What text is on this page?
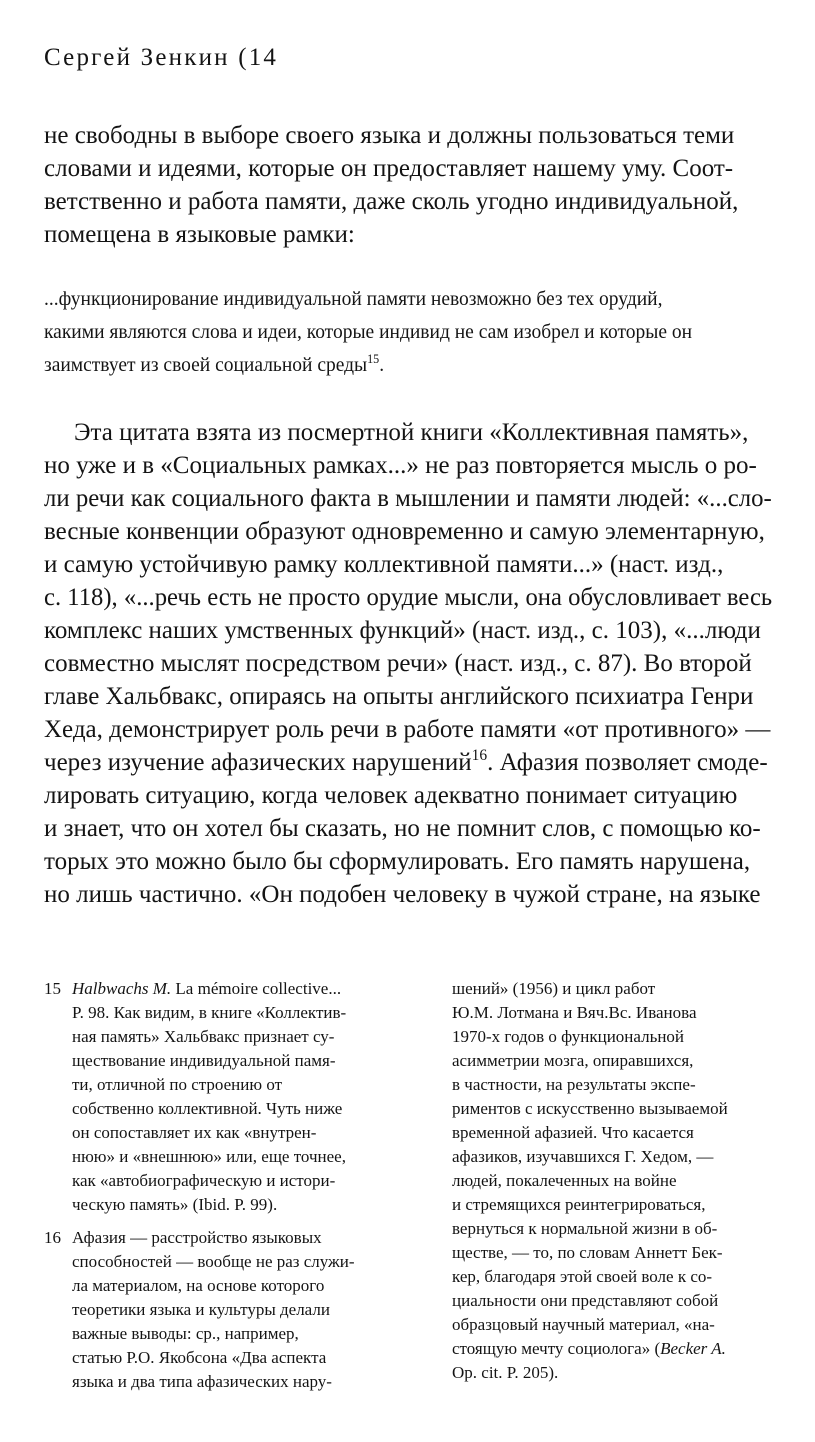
Сергей Зенкин (14
не свободны в выборе своего языка и должны пользоваться теми
словами и идеями, которые он предоставляет нашему уму. Соот-
ветственно и работа памяти, даже сколь угодно индивидуальной,
помещена в языковые рамки:
...функционирование индивидуальной памяти невозможно без тех орудий,
какими являются слова и идеи, которые индивид не сам изобрел и которые он
заимствует из своей социальной среды$^{15}$.
Эта цитата взята из посмертной книги «Коллективная память»,
но уже и в «Социальных рамках...» не раз повторяется мысль о ро-
ли речи как социального факта в мышлении и памяти людей: «...сло-
весные конвенции образуют одновременно и самую элементарную,
и самую устойчивую рамку коллективной памяти...» (наст. изд.,
с. 118), «...речь есть не просто орудие мысли, она обусловливает весь
комплекс наших умственных функций» (наст. изд., с. 103), «...люди
совместно мыслят посредством речи» (наст. изд., с. 87). Во второй
главе Хальбвакс, опираясь на опыты английского психиатра Генри
Хеда, демонстрирует роль речи в работе памяти «от противного» —
через изучение афазических нарушений$^{16}$. Афазия позволяет смоде-
лировать ситуацию, когда человек адекватно понимает ситуацию
и знает, что он хотел бы сказать, но не помнит слов, с помощью ко-
торых это можно было бы сформулировать. Его память нарушена,
но лишь частично. «Он подобен человеку в чужой стране, на языке
15 Halbwachs M. La mémoire collective...
P. 98. Как видим, в книге «Коллектив-
ная память» Хальбвакс признает су-
ществование индивидуальной памя-
ти, отличной по строению от
собственно коллективной. Чуть ниже
он сопоставляет их как «внутрен-
нюю» и «внешнюю» или, еще точнее,
как «автобиографическую и истори-
ческую память» (Ibid. P. 99).
16 Афазия — расстройство языковых
способностей — вообще не раз служи-
ла материалом, на основе которого
теоретики языка и культуры делали
важные выводы: ср., например,
статью Р.О. Якобсона «Два аспекта
языка и два типа афазических нару-
шений» (1956) и цикл работ
Ю.М. Лотмана и Вяч.Вс. Иванова
1970-х годов о функциональной
асимметрии мозга, опиравшихся,
в частности, на результаты экспе-
риментов с искусственно вызываемой
временной афазией. Что касается
афазиков, изучавшихся Г. Хедом, —
людей, покалеченных на войне
и стремящихся реинтегрироваться,
вернуться к нормальной жизни в об-
ществе, — то, по словам Аннетт Бек-
кер, благодаря этой своей воле к со-
циальности они представляют собой
образцовый научный материал, «на-
стоящую мечту социолога» (Becker A.
Op. cit. P. 205).
